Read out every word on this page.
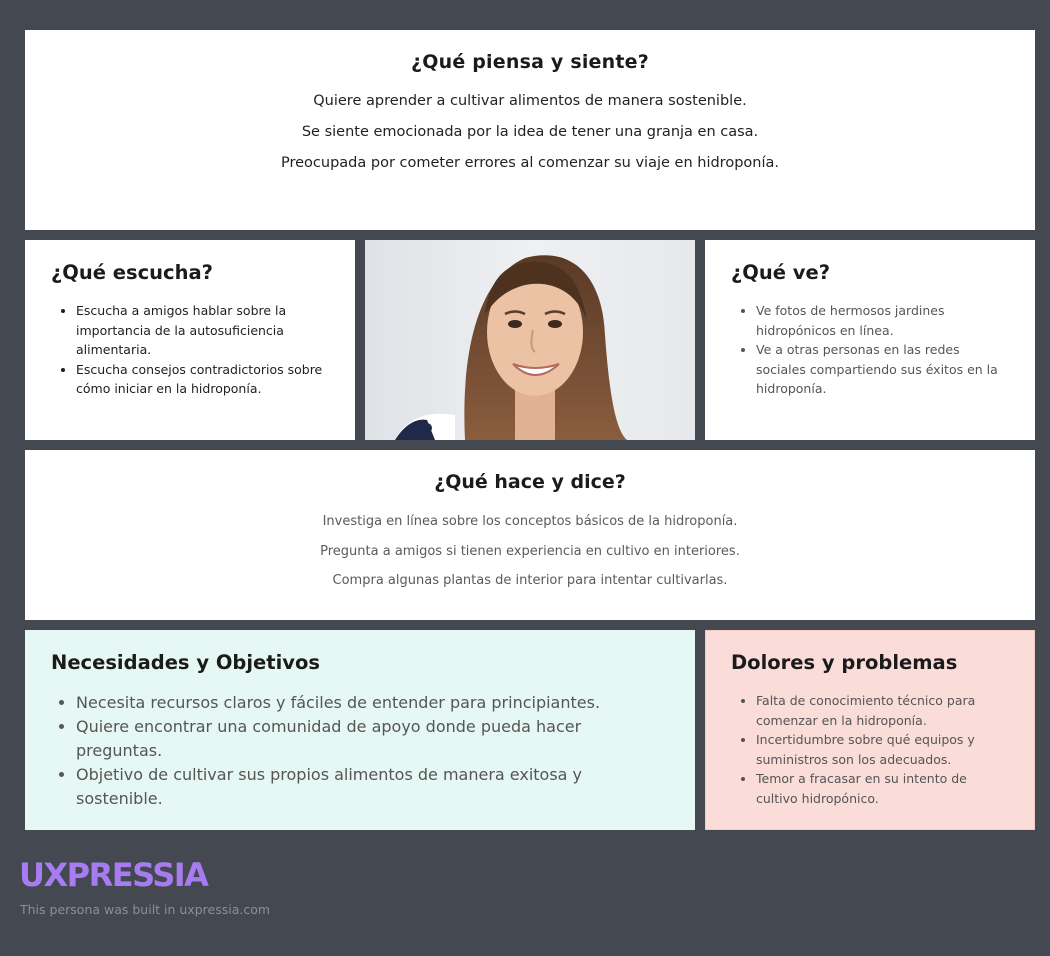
¿Qué piensa y siente?

Quiere aprender a cultivar alimentos de manera sostenible.

Se siente emocionada por la idea de tener una granja en casa.

Preocupada por cometer errores al comenzar su viaje en hidroponía.

¿Qué escucha?
• Escucha a amigos hablar sobre la importancia de la autosuficiencia alimentaria.
• Escucha consejos contradictorios sobre cómo iniciar en la hidroponía.
¿Qué ve?
• Ve fotos de hermosos jardines hidropónicos en línea.
• Ve a otras personas en las redes sociales compartiendo sus éxitos en la hidroponía.
¿Qué hace y dice?

Investiga en línea sobre los conceptos básicos de la hidroponía.

Pregunta a amigos si tienen experiencia en cultivo en interiores.

Compra algunas plantas de interior para intentar cultivarlas.

Necesidades y Objetivos
• Necesita recursos claros y fáciles de entender para principiantes.
• Quiere encontrar una comunidad de apoyo donde pueda hacer preguntas.
• Objetivo de cultivar sus propios alimentos de manera exitosa y sostenible.
Dolores y problemas
• Falta de conocimiento técnico para comenzar en la hidroponía.
• Incertidumbre sobre qué equipos y suministros son los adecuados.
• Temor a fracasar en su intento de cultivo hidropónico.
UXPRESSIA
This persona was built in uxpressia.com
